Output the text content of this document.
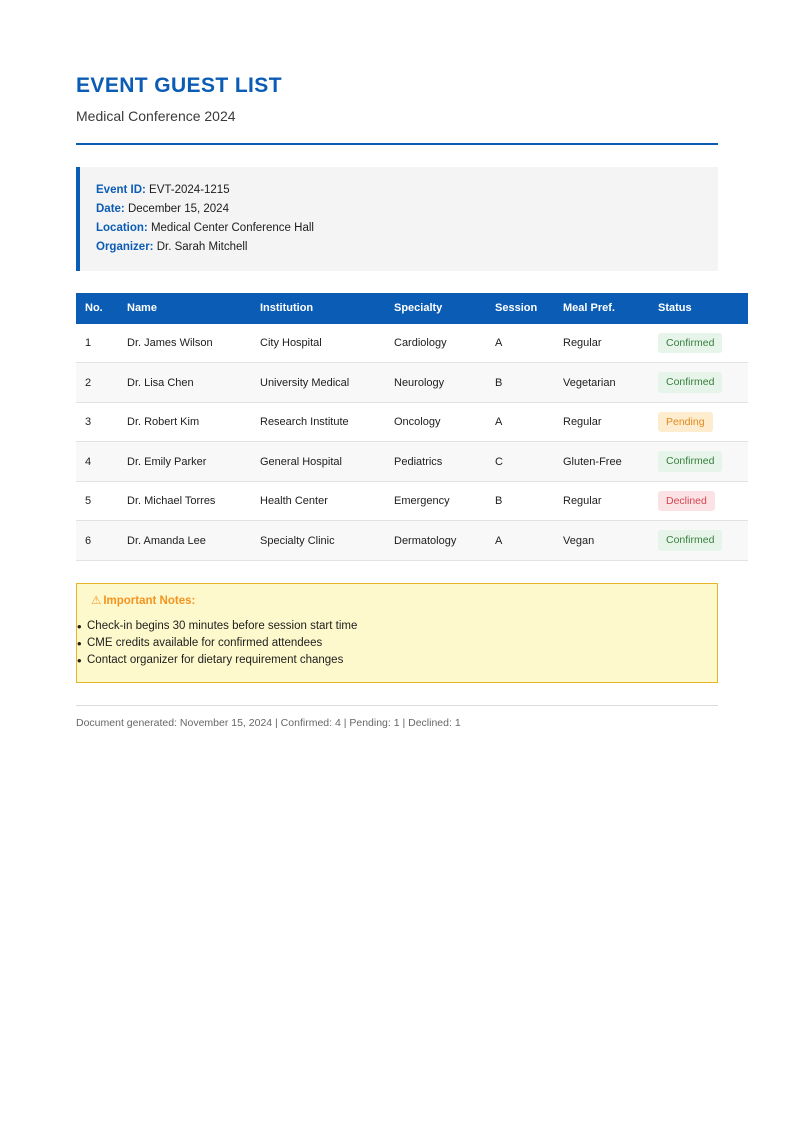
EVENT GUEST LIST
Medical Conference 2024
Event ID: EVT-2024-1215
Date: December 15, 2024
Location: Medical Center Conference Hall
Organizer: Dr. Sarah Mitchell
No.	Name	Institution	Specialty	Session	Meal Pref.	Status
1	Dr. James Wilson	City Hospital	Cardiology	A	Regular	Confirmed
2	Dr. Lisa Chen	University Medical	Neurology	B	Vegetarian	Confirmed
3	Dr. Robert Kim	Research Institute	Oncology	A	Regular	Pending
4	Dr. Emily Parker	General Hospital	Pediatrics	C	Gluten-Free	Confirmed
5	Dr. Michael Torres	Health Center	Emergency	B	Regular	Declined
6	Dr. Amanda Lee	Specialty Clinic	Dermatology	A	Vegan	Confirmed
⚠ Important Notes:
• Check-in begins 30 minutes before session start time
• CME credits available for confirmed attendees
• Contact organizer for dietary requirement changes
Document generated: November 15, 2024 | Confirmed: 4 | Pending: 1 | Declined: 1
